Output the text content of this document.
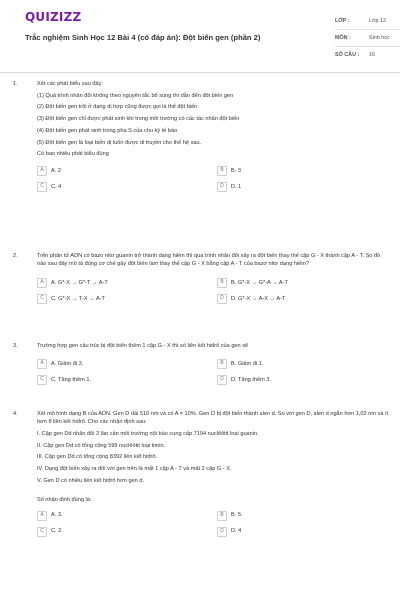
QUIZIZZ
Trắc nghiệm Sinh Học 12 Bài 4 (có đáp án): Đột biến gen (phần 2)
LỚP :	Lớp 12
MÔN :	Sinh học
SỐ CÂU :	16
1.	Xét các phát biểu sau đây:
(1) Quá trình nhân đôi không theo nguyên tắc bổ sung thì dẫn đến đột biến gen
(2) Đột biến gen trội ở dạng dị hợp cũng được gọi là thể đột biến
(3) Đột biến gen chỉ được phát sinh khi trong môi trường có các tác nhân đột biến
(4) Đột biến gen phát sinh trong pha S của chu kỳ tế bào
(5) Đột biến gen là loại biến dị luôn được di truyền cho thế hệ sau.
Có bao nhiêu phát biểu đúng
A	A. 2	B	B. 3
C	C. 4	D	D. 1
2.	Trên phân tử ADN có bazo nitơ guanin trở thành dạng hiếm thì qua trình nhân đôi xảy ra đột biến thay thế cặp G - X thành cặp A - T. So đồ nào sau đây mô tả đúng cơ chế gây đột biến làm thay thế cặp G - X bằng cặp A - T của bazơ nitơ dạng hiếm?
A	A. G*-X → G*-T → A-T	B	B. G*-X → G*-A → A-T
C	C. G*-X → T-X → A-T	D	D. G*-X → A-X → A-T
3.	Trường hợp gen cấu trúc bị đột biến thêm 1 cặp G - X thì số liên kết hiđrô của gen sẽ
A	A. Giảm đi 3.	B	B. Giảm đi 1.
C	C. Tăng thêm 1.	D	D. Tăng thêm 3.
4.	Xét mô hình dạng B của ADN. Gen D dài 510 nm và có A = 10%. Gen D bị đột biến thành alen d. So với gen D, alen d ngắn hơn 1,02 nm và ít hơn 8 liên kết hiđrô. Cho các nhận định sau:
I. Cặp gen Dd nhân đôi 2 lần cần môi trường nội bào cung cấp 7194 nuclêôtit loại guanin.
II. Cặp gen Dd có tổng cộng 599 nuclêôtit loại timin.
III. Cặp gen Dd có tổng cộng 8392 liên kết hiđrô.
IV. Dạng đột biến xảy ra đối với gen trên là mất 1 cặp A - T và mất 2 cặp G - X.
V. Gen D có nhiều liên kết hiđrô hơn gen d.
Số nhận định đúng là:
A	A. 3.	B	B. 5.
C	C. 2.	D	D. 4
